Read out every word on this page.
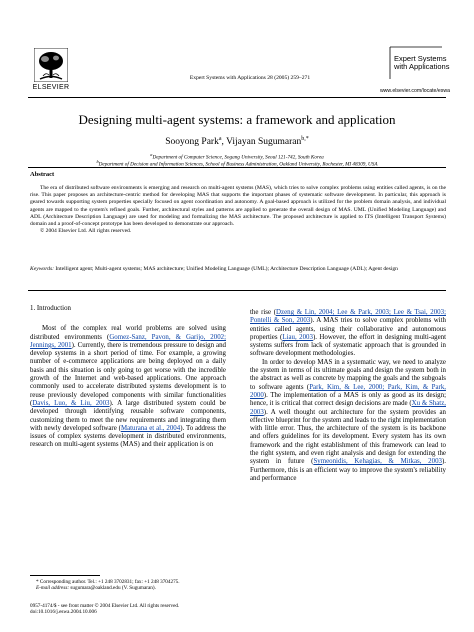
ELSEVIER
Expert Systems with Applications 28 (2005) 259–271
Expert Systems
with Applications
www.elsevier.com/locate/eswa
Designing multi-agent systems: a framework and application
Sooyong Park$^a$, Vijayan Sugumaran$^{b,*}$
$^a$Department of Computer Science, Sogang University, Seoul 121-742, South Korea
$^b$Department of Decision and Information Sciences, School of Business Administration, Oakland University, Rochester, MI 48309, USA
Abstract

The era of distributed software environments is emerging and research on multi-agent systems (MAS), which tries to solve complex problems using entities called agents, is on the rise. This paper proposes an architecture-centric method for developing MAS that supports the important phases of systematic software development. In particular, this approach is geared towards supporting system properties specially focused on agent coordination and autonomy. A goal-based approach is utilized for the problem domain analysis, and individual agents are mapped to the system's refined goals. Further, architectural styles and patterns are applied to generate the overall design of MAS. UML (Unified Modeling Language) and ADL (Architecture Description Language) are used for modeling and formalizing the MAS architecture. The proposed architecture is applied to ITS (Intelligent Transport Systems) domain and a proof-of-concept prototype has been developed to demonstrate our approach.

© 2004 Elsevier Ltd. All rights reserved.
Keywords: Intelligent agent; Multi-agent systems; MAS architecture; Unified Modeling Language (UML); Architecture Description Language (ADL); Agent design
1. Introduction

Most of the complex real world problems are solved using distributed environments (Gomez-Sanz, Pavon, & Garijo, 2002; Jennings, 2001). Currently, there is tremendous pressure to design and develop systems in a short period of time. For example, a growing number of e-commerce applications are being deployed on a daily basis and this situation is only going to get worse with the incredible growth of the Internet and web-based applications. One approach commonly used to accelerate distributed systems development is to reuse previously developed components with similar functionalities (Davis, Luo, & Liu, 2003). A large distributed system could be developed through identifying reusable software components, customizing them to meet the new requirements and integrating them with newly developed software (Maturana et al., 2004). To address the issues of complex systems development in distributed environments, research on multi-agent systems (MAS) and their application is on

the rise (Dzeng & Lin, 2004; Lee & Park, 2003; Lee & Tsai, 2003; Pontelli & Son, 2003). A MAS tries to solve complex problems with entities called agents, using their collaborative and autonomous properties (Liau, 2003). However, the effort in designing multi-agent systems suffers from lack of systematic approach that is grounded in software development methodologies.

In order to develop MAS in a systematic way, we need to analyze the system in terms of its ultimate goals and design the system both in the abstract as well as concrete by mapping the goals and the subgoals to software agents (Park, Kim, & Lee, 2000; Park, Kim, & Park, 2000). The implementation of a MAS is only as good as its design; hence, it is critical that correct design decisions are made (Xu & Shatz, 2003). A well thought out architecture for the system provides an effective blueprint for the system and leads to the right implementation with little error. Thus, the architecture of the system is its backbone and offers guidelines for its development. Every system has its own framework and the right establishment of this framework can lead to the right system, and even right analysis and design for extending the system in future (Symeonidis, Kehagias, & Mitkas, 2003). Furthermore, this is an efficient way to improve the system's reliability and performance

* Corresponding author. Tel.: +1 248 3702831; fax: +1 248 3704275.

E-mail address: sugumara@oakland.edu (V. Sugumaran).

0957-4174/$ - see front matter © 2004 Elsevier Ltd. All rights reserved.

doi:10.1016/j.eswa.2004.10.006
